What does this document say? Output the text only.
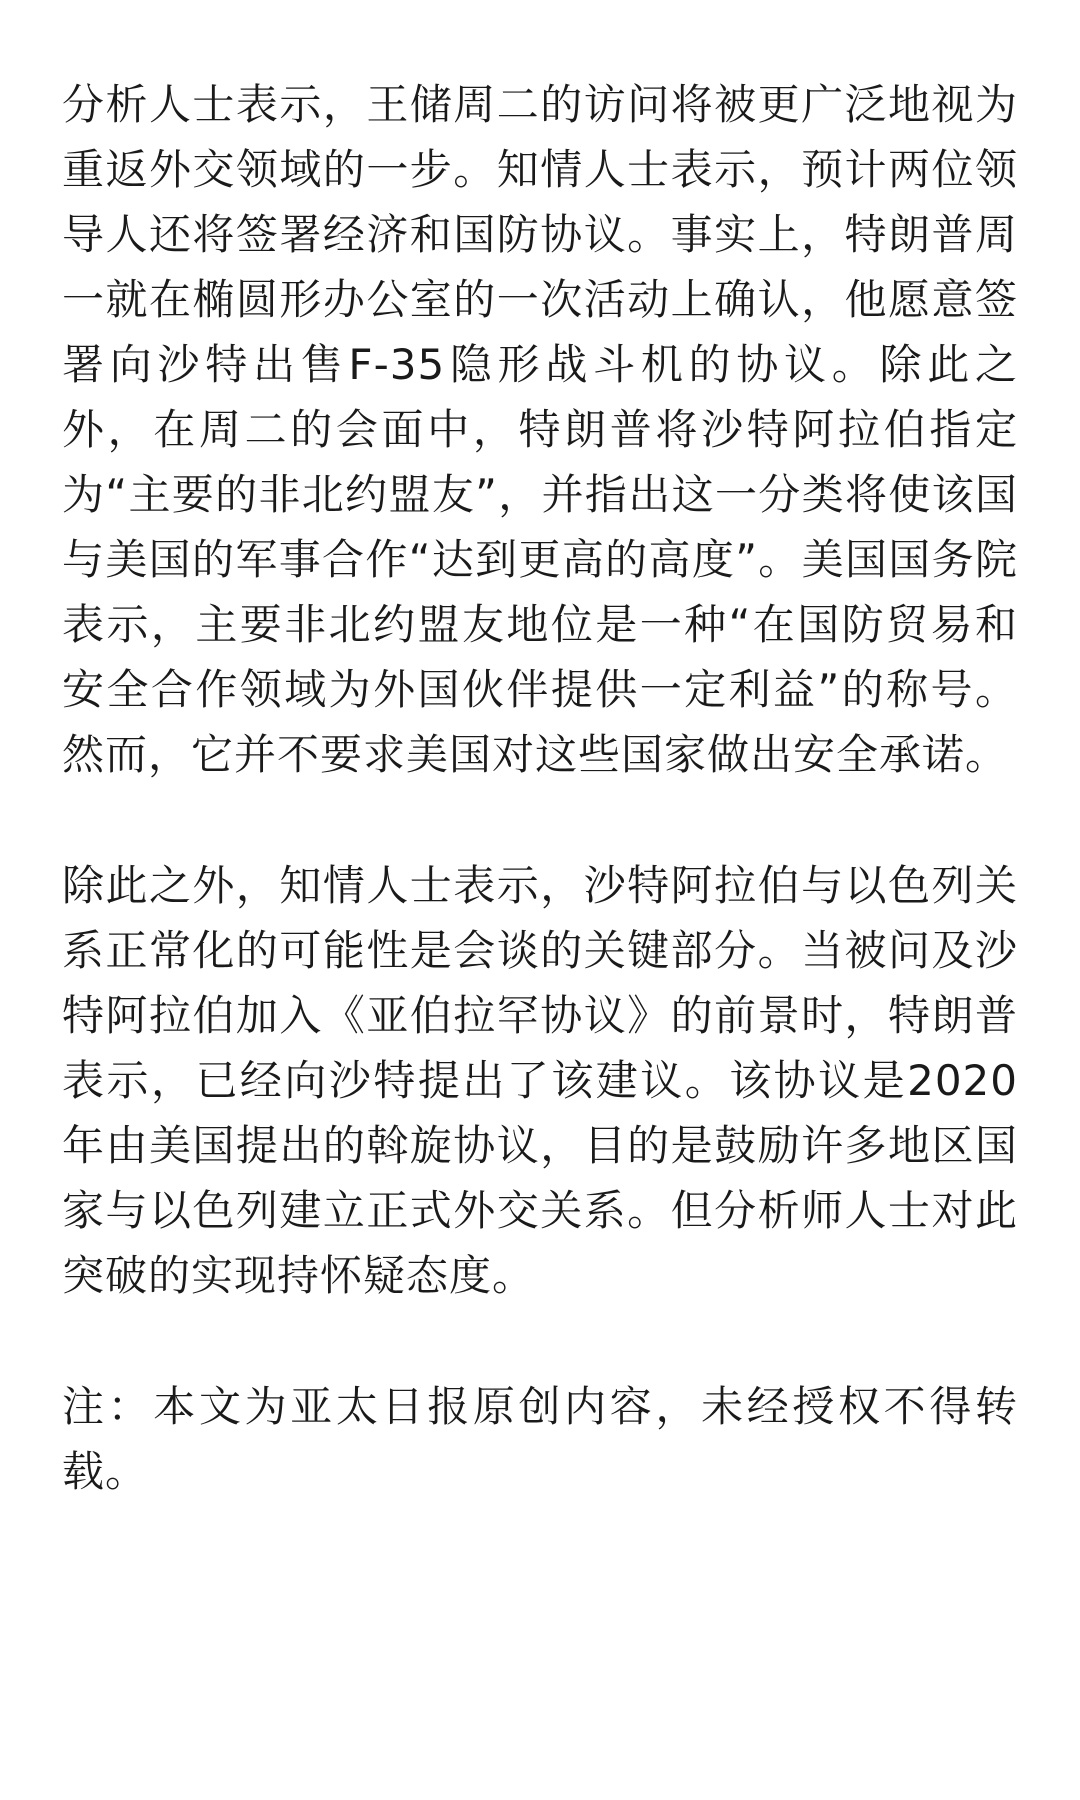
分析人士表示，王储周二的访问将被更广泛地视为重返外交领域的一步。知情人士表示，预计两位领导人还将签署经济和国防协议。事实上，特朗普周一就在椭圆形办公室的一次活动上确认，他愿意签署向沙特出售F-35隐形战斗机的协议。除此之外，在周二的会面中，特朗普将沙特阿拉伯指定为“主要的非北约盟友”，并指出这一分类将使该国与美国的军事合作“达到更高的高度”。美国国务院表示，主要非北约盟友地位是一种“在国防贸易和安全合作领域为外国伙伴提供一定利益”的称号。然而，它并不要求美国对这些国家做出安全承诺。

除此之外，知情人士表示，沙特阿拉伯与以色列关系正常化的可能性是会谈的关键部分。当被问及沙特阿拉伯加入《亚伯拉罕协议》的前景时，特朗普表示，已经向沙特提出了该建议。该协议是2020年由美国提出的斡旋协议，目的是鼓励许多地区国家与以色列建立正式外交关系。但分析师人士对此突破的实现持怀疑态度。

注：本文为亚太日报原创内容，未经授权不得转载。
